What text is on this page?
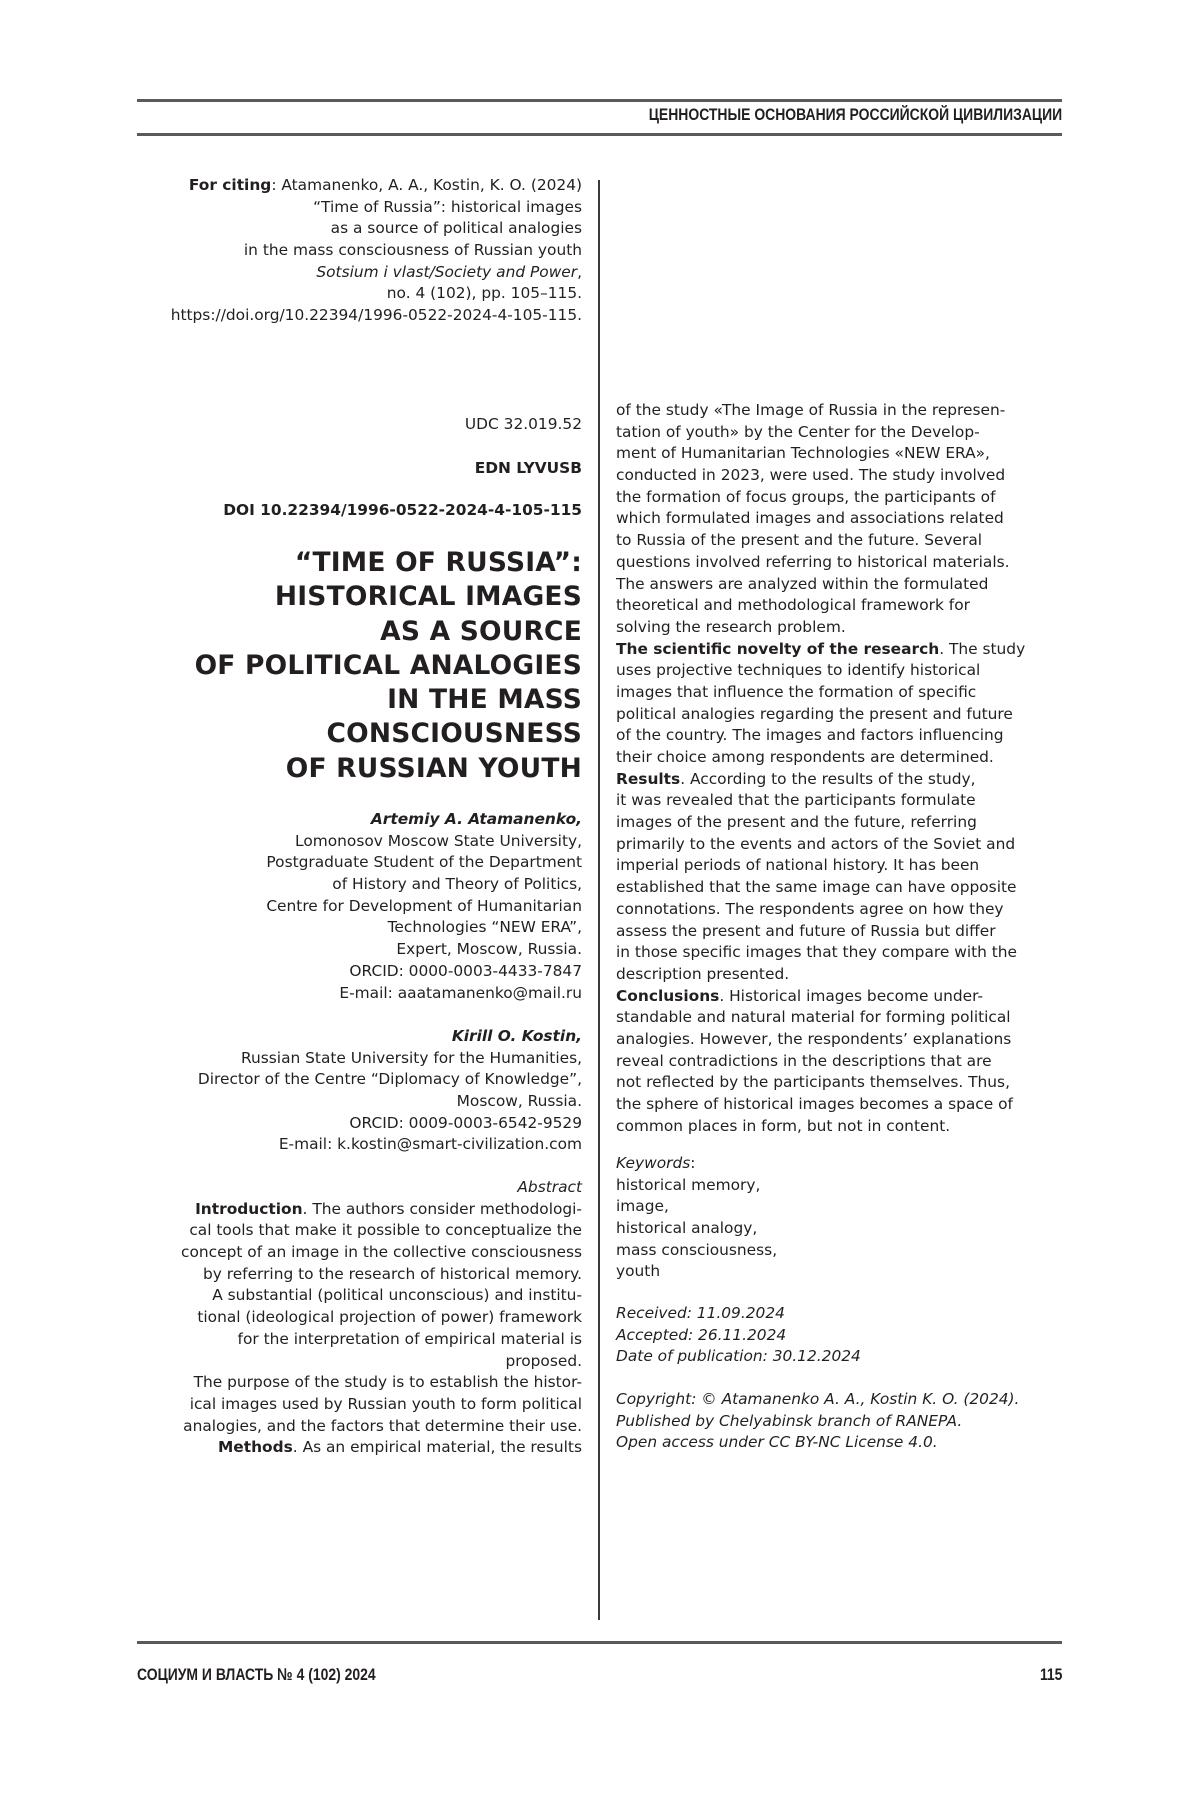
ЦЕННОСТНЫЕ ОСНОВАНИЯ РОССИЙСКОЙ ЦИВИЛИЗАЦИИ
For citing: Atamanenko, A. A., Kostin, K. O. (2024)
“Time of Russia”: historical images
as a source of political analogies
in the mass consciousness of Russian youth
Sotsium i vlast/Society and Power,
no. 4 (102), pp. 105–115.
https://doi.org/10.22394/1996-0522-2024-4-105-115.
UDC 32.019.52
EDN LYVUSB
DOI 10.22394/1996-0522-2024-4-105-115
“TIME OF RUSSIA”:
HISTORICAL IMAGES
AS A SOURCE
OF POLITICAL ANALOGIES
IN THE MASS
CONSCIOUSNESS
OF RUSSIAN YOUTH
Artemiy A. Atamanenko,
Lomonosov Moscow State University,
Postgraduate Student of the Department
of History and Theory of Politics,
Centre for Development of Humanitarian
Technologies “NEW ERA”,
Expert, Moscow, Russia.
ORCID: 0000-0003-4433-7847
E-mail: aaatamanenko@mail.ru
Kirill O. Kostin,
Russian State University for the Humanities,
Director of the Centre “Diplomacy of Knowledge”,
Moscow, Russia.
ORCID: 0009-0003-6542-9529
E-mail: k.kostin@smart-civilization.com
Abstract
Introduction. The authors consider methodologi-
cal tools that make it possible to conceptualize the
concept of an image in the collective consciousness
by referring to the research of historical memory.
A substantial (political unconscious) and institu-
tional (ideological projection of power) framework
for the interpretation of empirical material is
proposed.
The purpose of the study is to establish the histor-
ical images used by Russian youth to form political
analogies, and the factors that determine their use.
Methods. As an empirical material, the results
of the study «The Image of Russia in the represen-
tation of youth» by the Center for the Develop-
ment of Humanitarian Technologies «NEW ERA»,
conducted in 2023, were used. The study involved
the formation of focus groups, the participants of
which formulated images and associations related
to Russia of the present and the future. Several
questions involved referring to historical materials.
The answers are analyzed within the formulated
theoretical and methodological framework for
solving the research problem.
The scientific novelty of the research. The study
uses projective techniques to identify historical
images that influence the formation of specific
political analogies regarding the present and future
of the country. The images and factors influencing
their choice among respondents are determined.
Results. According to the results of the study,
it was revealed that the participants formulate
images of the present and the future, referring
primarily to the events and actors of the Soviet and
imperial periods of national history. It has been
established that the same image can have opposite
connotations. The respondents agree on how they
assess the present and future of Russia but differ
in those specific images that they compare with the
description presented.
Conclusions. Historical images become under-
standable and natural material for forming political
analogies. However, the respondents’ explanations
reveal contradictions in the descriptions that are
not reflected by the participants themselves. Thus,
the sphere of historical images becomes a space of
common places in form, but not in content.
Keywords:
historical memory,
image,
historical analogy,
mass consciousness,
youth
Received: 11.09.2024
Accepted: 26.11.2024
Date of publication: 30.12.2024
Copyright: © Atamanenko A. A., Kostin K. O. (2024).
Published by Chelyabinsk branch of RANEPA.
Open access under CC BY-NC License 4.0.
СОЦИУМ И ВЛАСТЬ № 4 (102) 2024	115
